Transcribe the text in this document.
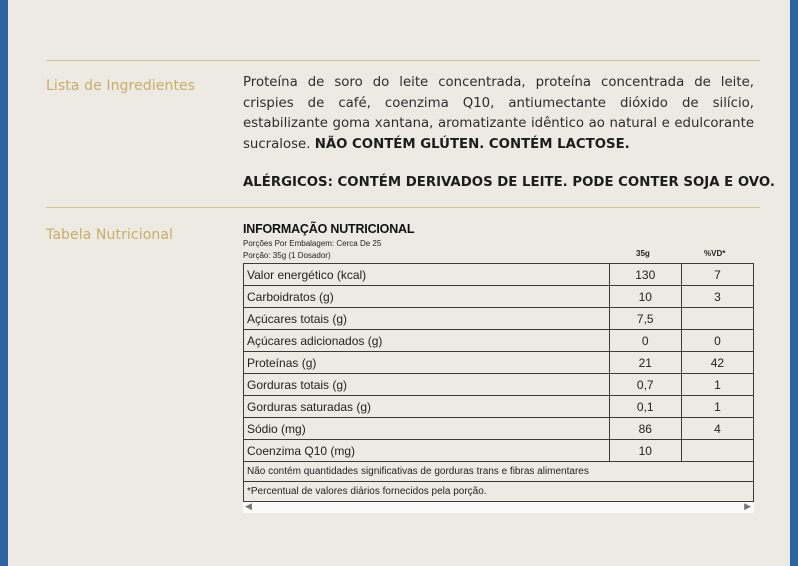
Lista de Ingredientes	Proteína de soro do leite concentrada, proteína concentrada de leite, crispies de café, coenzima Q10, antiumectante dióxido de silício, estabilizante goma xantana, aromatizante idêntico ao natural e edulcorante sucralose. NÃO CONTÉM GLÚTEN. CONTÉM LACTOSE.
ALÉRGICOS: CONTÉM DERIVADOS DE LEITE. PODE CONTER SOJA E OVO.
Tabela Nutricional	INFORMAÇÃO NUTRICIONAL
Porções Por Embalagem: Cerca De 25
Porção: 35g (1 Dosador)	35g	%VD*
Valor energético (kcal)	130	7
Carboidratos (g)	10	3
Açúcares totais (g)	7,5	
Açúcares adicionados (g)	0	0
Proteínas (g)	21	42
Gorduras totais (g)	0,7	1
Gorduras saturadas (g)	0,1	1
Sódio (mg)	86	4
Coenzima Q10 (mg)	10	
Não contém quantidades significativas de gorduras trans e fibras alimentares		
*Percentual de valores diários fornecidos pela porção.		
◀	▶
